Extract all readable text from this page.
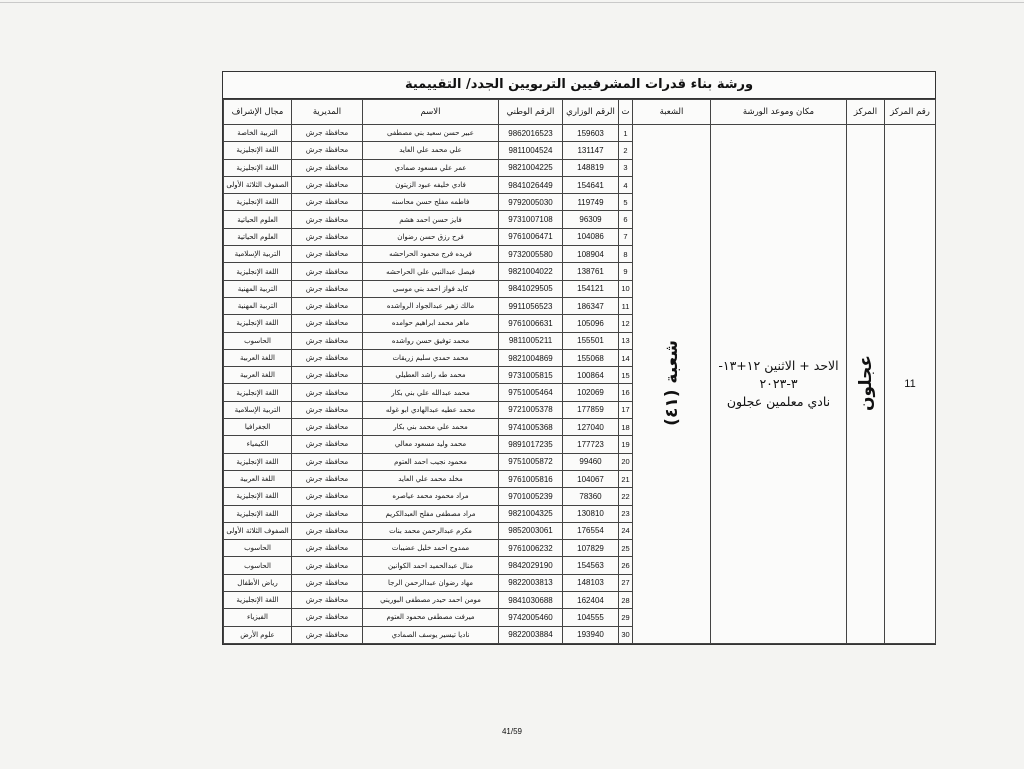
ورشة بناء قدرات المشرفيين التربويين الجدد/ التقييمية
رقم المركز	المركز	مكان وموعد الورشة	الشعبة	ت	الرقم الوزاري	الرقم الوطني	الاسم	المديرية	مجال الإشراف
11	عجلون	الاحد + الاثنين ١٢+١٣-
٣-٢٠٢٣
نادي معلمين عجلون	شعبة (٤١)	1	159603	9862016523	عبير حسن سعيد بني مصطفى	محافظة جرش	التربية الخاصة
				2	131147	9811004524	علي محمد علي العايد	محافظة جرش	اللغة الإنجليزية
				3	148819	9821004225	عمر علي مسعود صمادي	محافظة جرش	اللغة الإنجليزية
				4	154641	9841026449	فادي خليفه عبود الزيتون	محافظة جرش	الصفوف الثلاثة الأولى
				5	119749	9792005030	فاطمه مفلح حسن محاسنه	محافظة جرش	اللغة الإنجليزية
				6	96309	9731007108	فايز حسن احمد هشم	محافظة جرش	العلوم الحياتية
				7	104086	9761006471	فرح رزق حسن رضوان	محافظة جرش	العلوم الحياتية
				8	108904	9732005580	فريده فرج محمود الحراحشه	محافظة جرش	التربية الإسلامية
				9	138761	9821004022	فيصل عبدالنبي علي الحراحشه	محافظة جرش	اللغة الإنجليزية
				10	154121	9841029505	كايد فواز احمد بني موسى	محافظة جرش	التربية المهنية
				11	186347	9911056523	مالك زهير عبدالجواد الرواشده	محافظة جرش	التربية المهنية
				12	105096	9761006631	ماهر محمد ابراهيم حوامده	محافظة جرش	اللغة الإنجليزية
				13	155501	9811005211	محمد توفيق حسن رواشده	محافظة جرش	الحاسوب
				14	155068	9821004869	محمد حمدي سليم زريقات	محافظة جرش	اللغة العربية
				15	100864	9731005815	محمد طه راشد العطيلي	محافظة جرش	اللغة العربية
				16	102069	9751005464	محمد عبدالله علي بني بكار	محافظة جرش	اللغة الإنجليزية
				17	177859	9721005378	محمد عطيه عبدالهادي ابو غوله	محافظة جرش	التربية الإسلامية
				18	127040	9741005368	محمد علي محمد بني بكار	محافظة جرش	الجغرافيا
				19	177723	9891017235	محمد وليد مسعود معالي	محافظة جرش	الكيمياء
				20	99460	9751005872	محمود نجيب احمد العتوم	محافظة جرش	اللغة الإنجليزية
				21	104067	9761005816	مخلد محمد علي العايد	محافظة جرش	اللغة العربية
				22	78360	9701005239	مراد محمود محمد عياصره	محافظة جرش	اللغة الإنجليزية
				23	130810	9821004325	مراد مصطفى مفلح العبدالكريم	محافظة جرش	اللغة الإنجليزية
				24	176554	9852003061	مكرم عبدالرحمن محمد بنات	محافظة جرش	الصفوف الثلاثة الأولى
				25	107829	9761006232	ممدوح احمد خليل عضيبات	محافظة جرش	الحاسوب
				26	154563	9842029190	منال عبدالحميد احمد الكوانين	محافظة جرش	الحاسوب
				27	148103	9822003813	مهاد رضوان عبدالرحمن الرجا	محافظة جرش	رياض الأطفال
				28	162404	9841030688	مومن احمد حيدر مصطفى البوريني	محافظة جرش	اللغة الإنجليزية
				29	104555	9742005460	ميرفت مصطفى محمود العتوم	محافظة جرش	الفيزياء
				30	193940	9822003884	ناديا تيسير يوسف الصمادي	محافظة جرش	علوم الأرض
41/59
